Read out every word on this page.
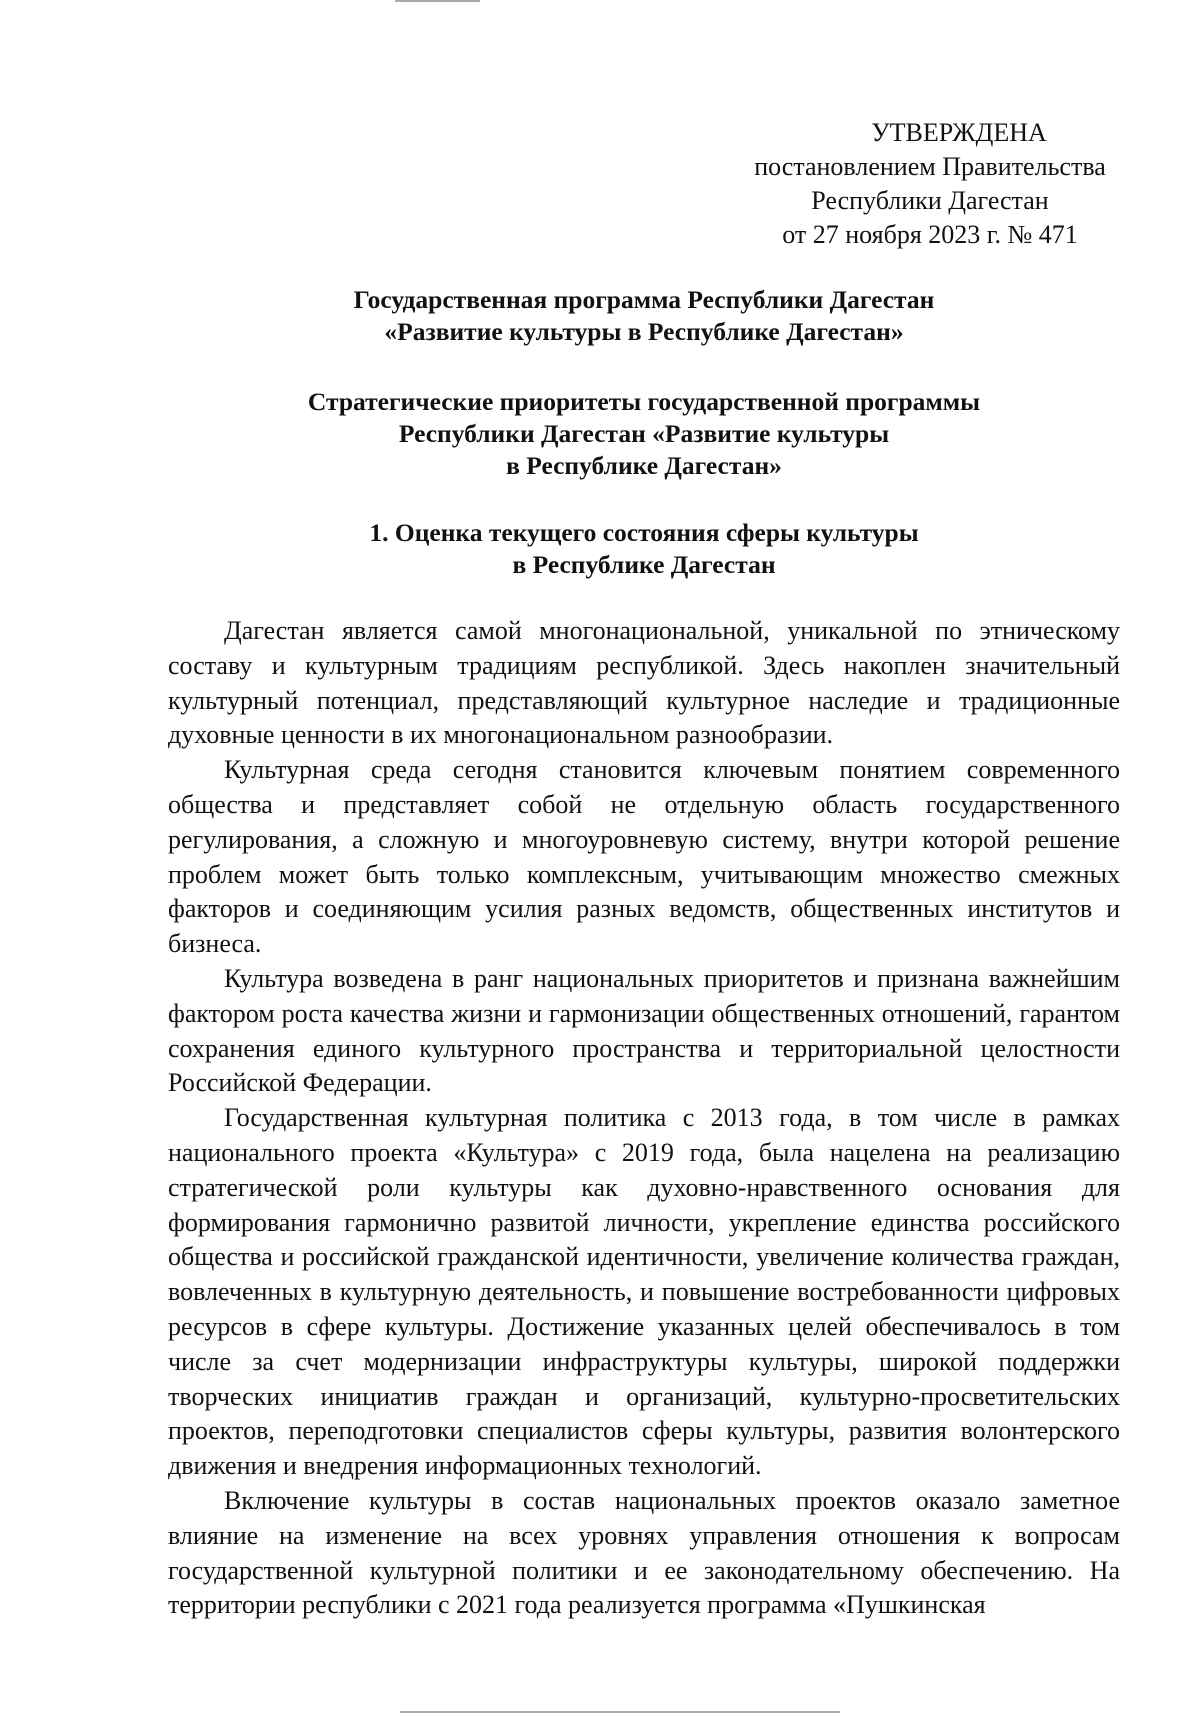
УТВЕРЖДЕНА
постановлением Правительства
Республики Дагестан
от 27 ноября 2023 г. № 471
Государственная программа Республики Дагестан
«Развитие культуры в Республике Дагестан»
Стратегические приоритеты государственной программы
Республики Дагестан «Развитие культуры
в Республике Дагестан»
1. Оценка текущего состояния сферы культуры
в Республике Дагестан

Дагестан является самой многонациональной, уникальной по этническому составу и культурным традициям республикой. Здесь накоплен значительный культурный потенциал, представляющий культурное наследие и традиционные духовные ценности в их многонациональном разнообразии.

Культурная среда сегодня становится ключевым понятием современного общества и представляет собой не отдельную область государственного регулирования, а сложную и многоуровневую систему, внутри которой решение проблем может быть только комплексным, учитывающим множество смежных факторов и соединяющим усилия разных ведомств, общественных институтов и бизнеса.

Культура возведена в ранг национальных приоритетов и признана важнейшим фактором роста качества жизни и гармонизации общественных отношений, гарантом сохранения единого культурного пространства и территориальной целостности Российской Федерации.

Государственная культурная политика с 2013 года, в том числе в рамках национального проекта «Культура» с 2019 года, была нацелена на реализацию стратегической роли культуры как духовно-нравственного основания для формирования гармонично развитой личности, укрепление единства российского общества и российской гражданской идентичности, увеличение количества граждан, вовлеченных в культурную деятельность, и повышение востребованности цифровых ресурсов в сфере культуры. Достижение указанных целей обеспечивалось в том числе за счет модернизации инфраструктуры культуры, широкой поддержки творческих инициатив граждан и организаций, культурно-просветительских проектов, переподготовки специалистов сферы культуры, развития волонтерского движения и внедрения информационных технологий.

Включение культуры в состав национальных проектов оказало заметное влияние на изменение на всех уровнях управления отношения к вопросам государственной культурной политики и ее законодательному обеспечению. На территории республики с 2021 года реализуется программа «Пушкинская
